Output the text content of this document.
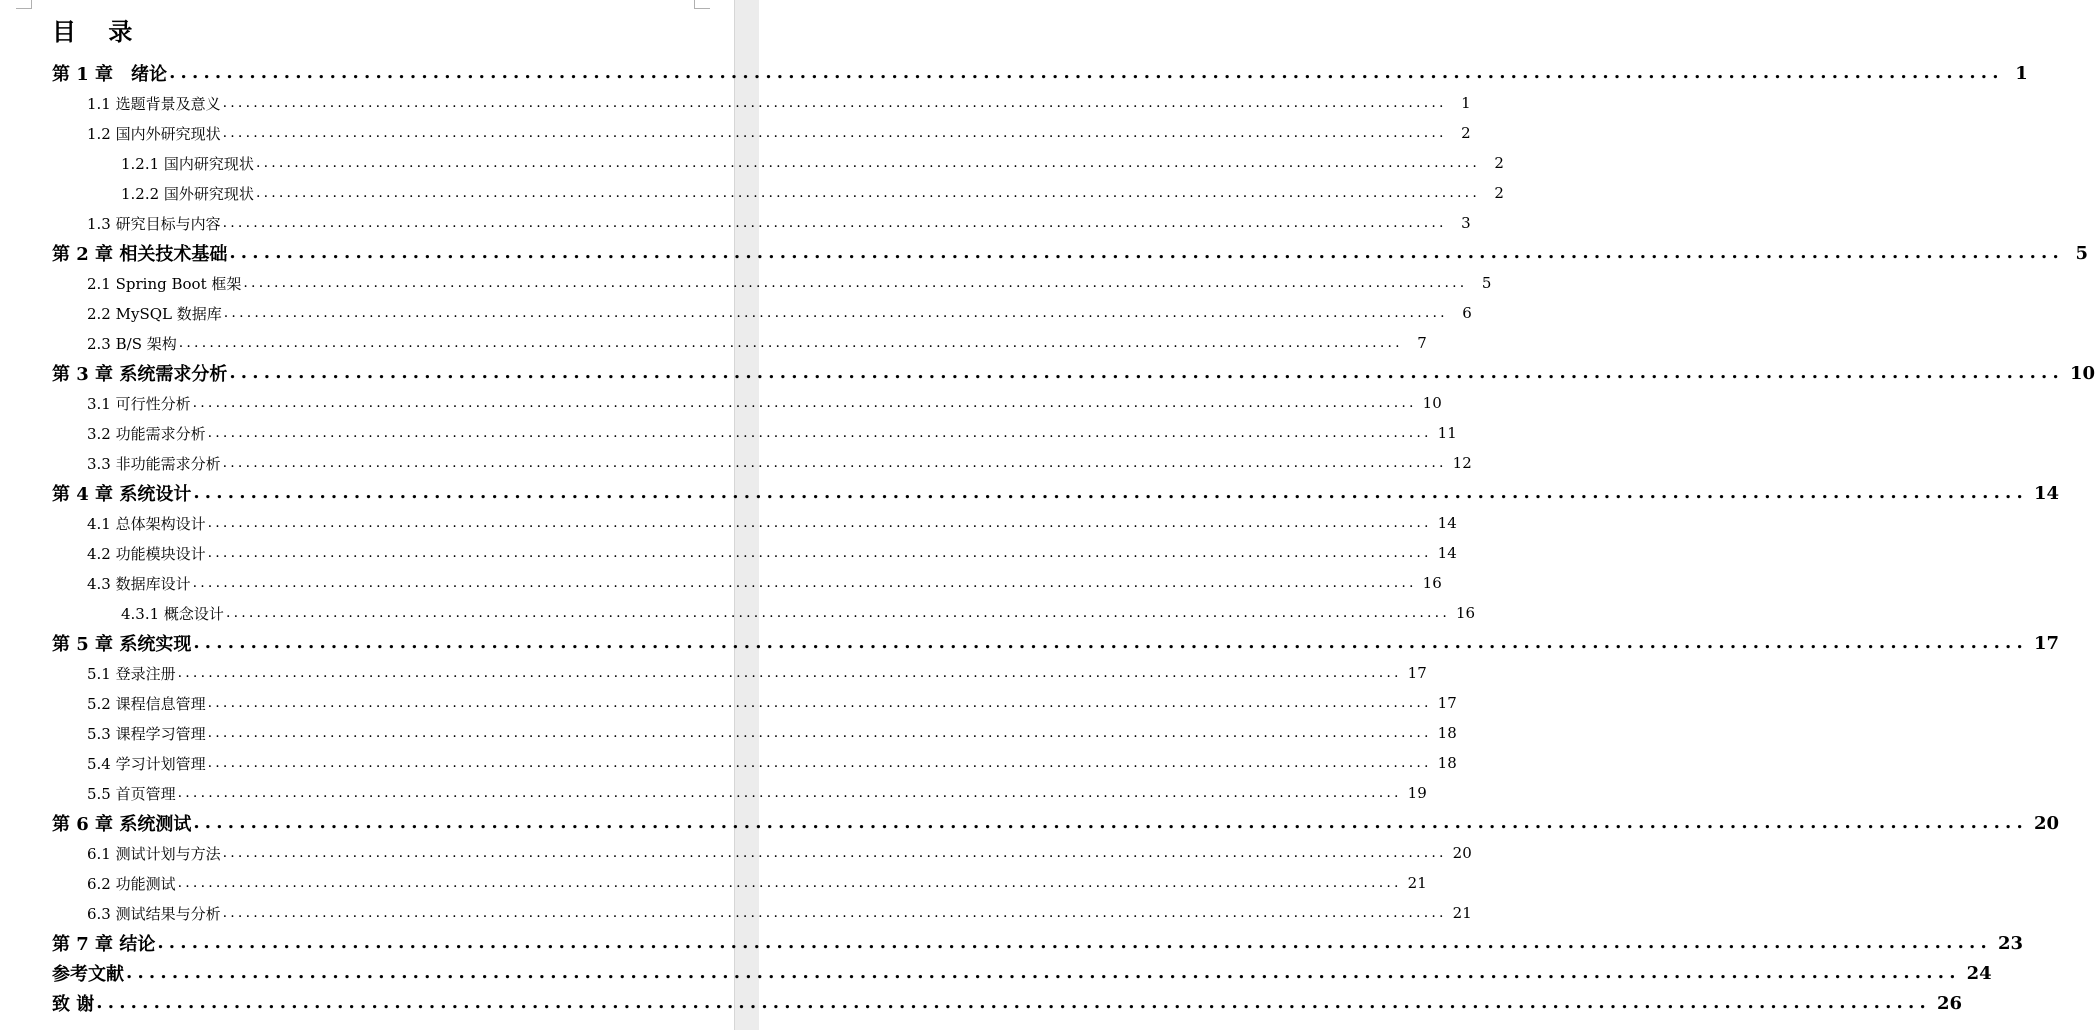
目 录
第 1 章　绪论 ................................................................................................................................................................ 1
1.1 选题背景及意义 ................................................................................................................................................................ 1
1.2 国内外研究现状 ................................................................................................................................................................ 2
1.2.1 国内研究现状 ................................................................................................................................................................ 2
1.2.2 国外研究现状 ................................................................................................................................................................ 2
1.3 研究目标与内容 ................................................................................................................................................................ 3
第 2 章 相关技术基础 ................................................................................................................................................................ 5
2.1 Spring Boot 框架 ................................................................................................................................................................ 5
2.2 MySQL 数据库 ................................................................................................................................................................ 6
2.3 B/S 架构 ................................................................................................................................................................ 7
第 3 章 系统需求分析 ................................................................................................................................................................ 10
3.1 可行性分析 ................................................................................................................................................................ 10
3.2 功能需求分析 ................................................................................................................................................................ 11
3.3 非功能需求分析 ................................................................................................................................................................ 12
第 4 章 系统设计 ................................................................................................................................................................ 14
4.1 总体架构设计 ................................................................................................................................................................ 14
4.2 功能模块设计 ................................................................................................................................................................ 14
4.3 数据库设计 ................................................................................................................................................................ 16
4.3.1 概念设计 ................................................................................................................................................................ 16
第 5 章 系统实现 ................................................................................................................................................................ 17
5.1 登录注册 ................................................................................................................................................................ 17
5.2 课程信息管理 ................................................................................................................................................................ 17
5.3 课程学习管理 ................................................................................................................................................................ 18
5.4 学习计划管理 ................................................................................................................................................................ 18
5.5 首页管理 ................................................................................................................................................................ 19
第 6 章 系统测试 ................................................................................................................................................................ 20
6.1 测试计划与方法 ................................................................................................................................................................ 20
6.2 功能测试 ................................................................................................................................................................ 21
6.3 测试结果与分析 ................................................................................................................................................................ 21
第 7 章 结论 ................................................................................................................................................................ 23
参考文献 ................................................................................................................................................................ 24
致 谢 ................................................................................................................................................................ 26
